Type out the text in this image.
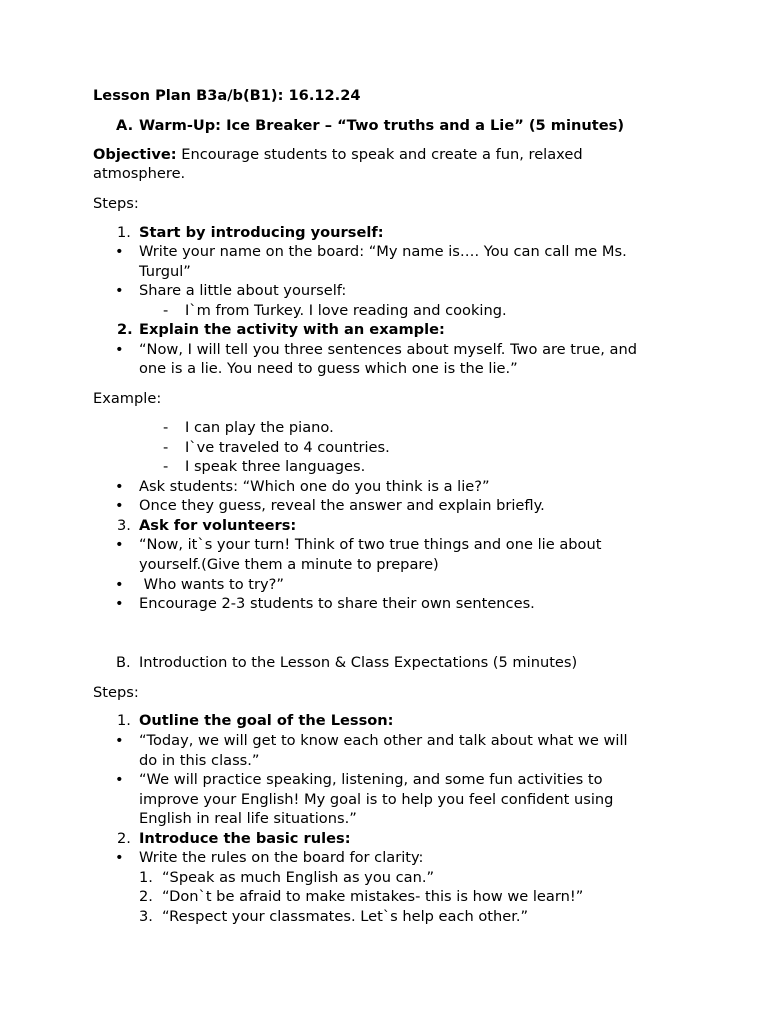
Lesson Plan B3a/b(B1): 16.12.24
A. Warm-Up: Ice Breaker – “Two truths and a Lie” (5 minutes)
Objective: Encourage students to speak and create a fun, relaxed
atmosphere.
Steps:
1. Start by introducing yourself:
• Write your name on the board: “My name is…. You can call me Ms.
Turgul”
• Share a little about yourself:
- I`m from Turkey. I love reading and cooking.
2. Explain the activity with an example:
• “Now, I will tell you three sentences about myself. Two are true, and
one is a lie. You need to guess which one is the lie.”
Example:
- I can play the piano.
- I`ve traveled to 4 countries.
- I speak three languages.
• Ask students: “Which one do you think is a lie?”
• Once they guess, reveal the answer and explain briefly.
3. Ask for volunteers:
• “Now, it`s your turn! Think of two true things and one lie about
yourself.(Give them a minute to prepare)
• Who wants to try?”
• Encourage 2-3 students to share their own sentences.
B. Introduction to the Lesson & Class Expectations (5 minutes)
Steps:
1. Outline the goal of the Lesson:
• “Today, we will get to know each other and talk about what we will
do in this class.”
• “We will practice speaking, listening, and some fun activities to
improve your English! My goal is to help you feel confident using
English in real life situations.”
2. Introduce the basic rules:
• Write the rules on the board for clarity:
1. “Speak as much English as you can.”
2. “Don`t be afraid to make mistakes- this is how we learn!”
3. “Respect your classmates. Let`s help each other.”
